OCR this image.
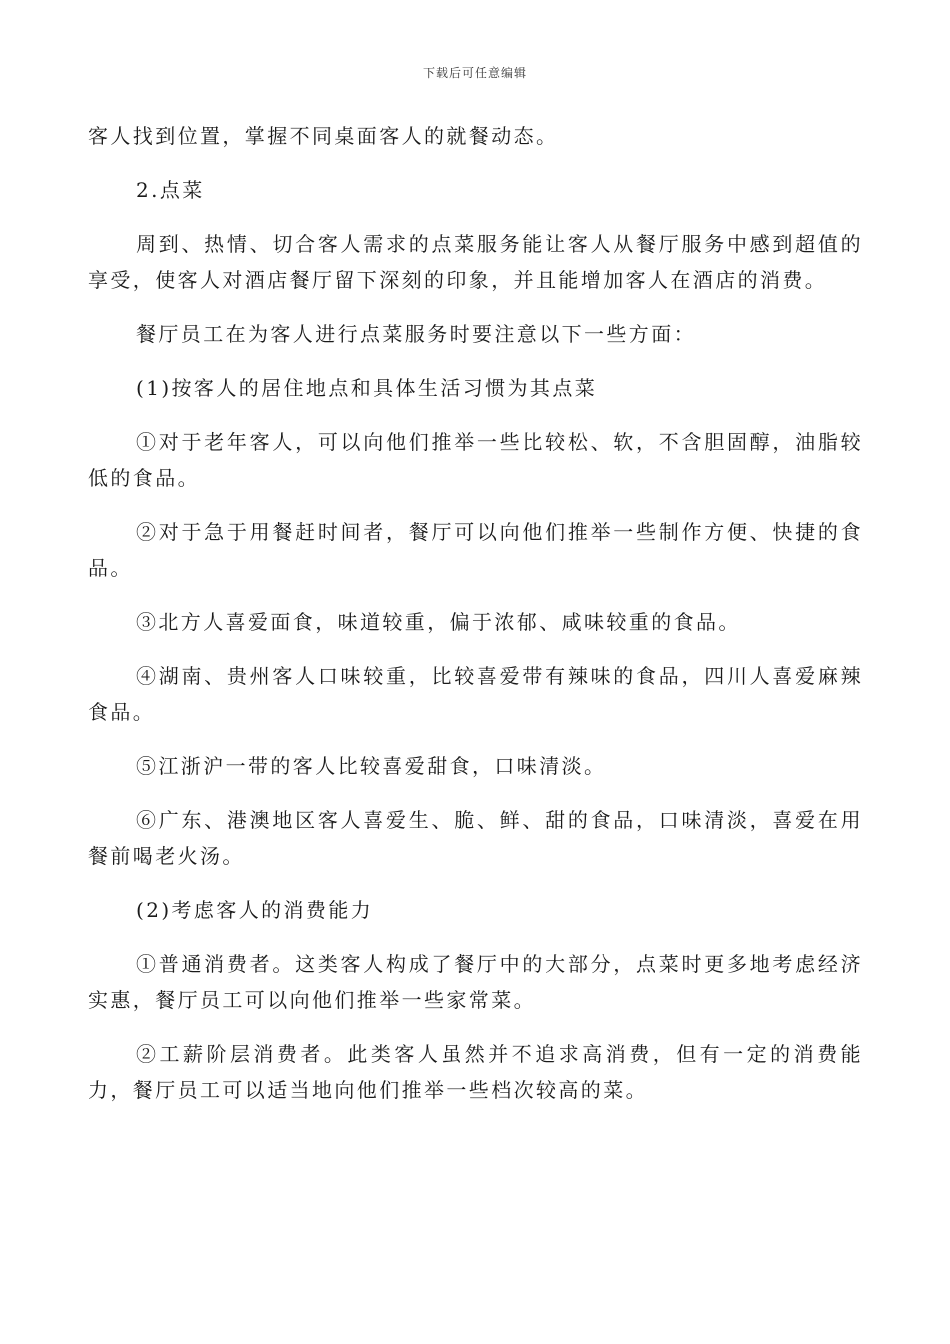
下载后可任意编辑

客人找到位置，掌握不同桌面客人的就餐动态。

2.点菜

周到、热情、切合客人需求的点菜服务能让客人从餐厅服务中感到超值的享受，使客人对酒店餐厅留下深刻的印象，并且能增加客人在酒店的消费。

餐厅员工在为客人进行点菜服务时要注意以下一些方面：

(1)按客人的居住地点和具体生活习惯为其点菜

①对于老年客人，可以向他们推举一些比较松、软，不含胆固醇，油脂较低的食品。

②对于急于用餐赶时间者，餐厅可以向他们推举一些制作方便、快捷的食品。

③北方人喜爱面食，味道较重，偏于浓郁、咸味较重的食品。

④湖南、贵州客人口味较重，比较喜爱带有辣味的食品，四川人喜爱麻辣食品。

⑤江浙沪一带的客人比较喜爱甜食，口味清淡。

⑥广东、港澳地区客人喜爱生、脆、鲜、甜的食品，口味清淡，喜爱在用餐前喝老火汤。

(2)考虑客人的消费能力

①普通消费者。这类客人构成了餐厅中的大部分，点菜时更多地考虑经济实惠，餐厅员工可以向他们推举一些家常菜。

②工薪阶层消费者。此类客人虽然并不追求高消费，但有一定的消费能力，餐厅员工可以适当地向他们推举一些档次较高的菜。
